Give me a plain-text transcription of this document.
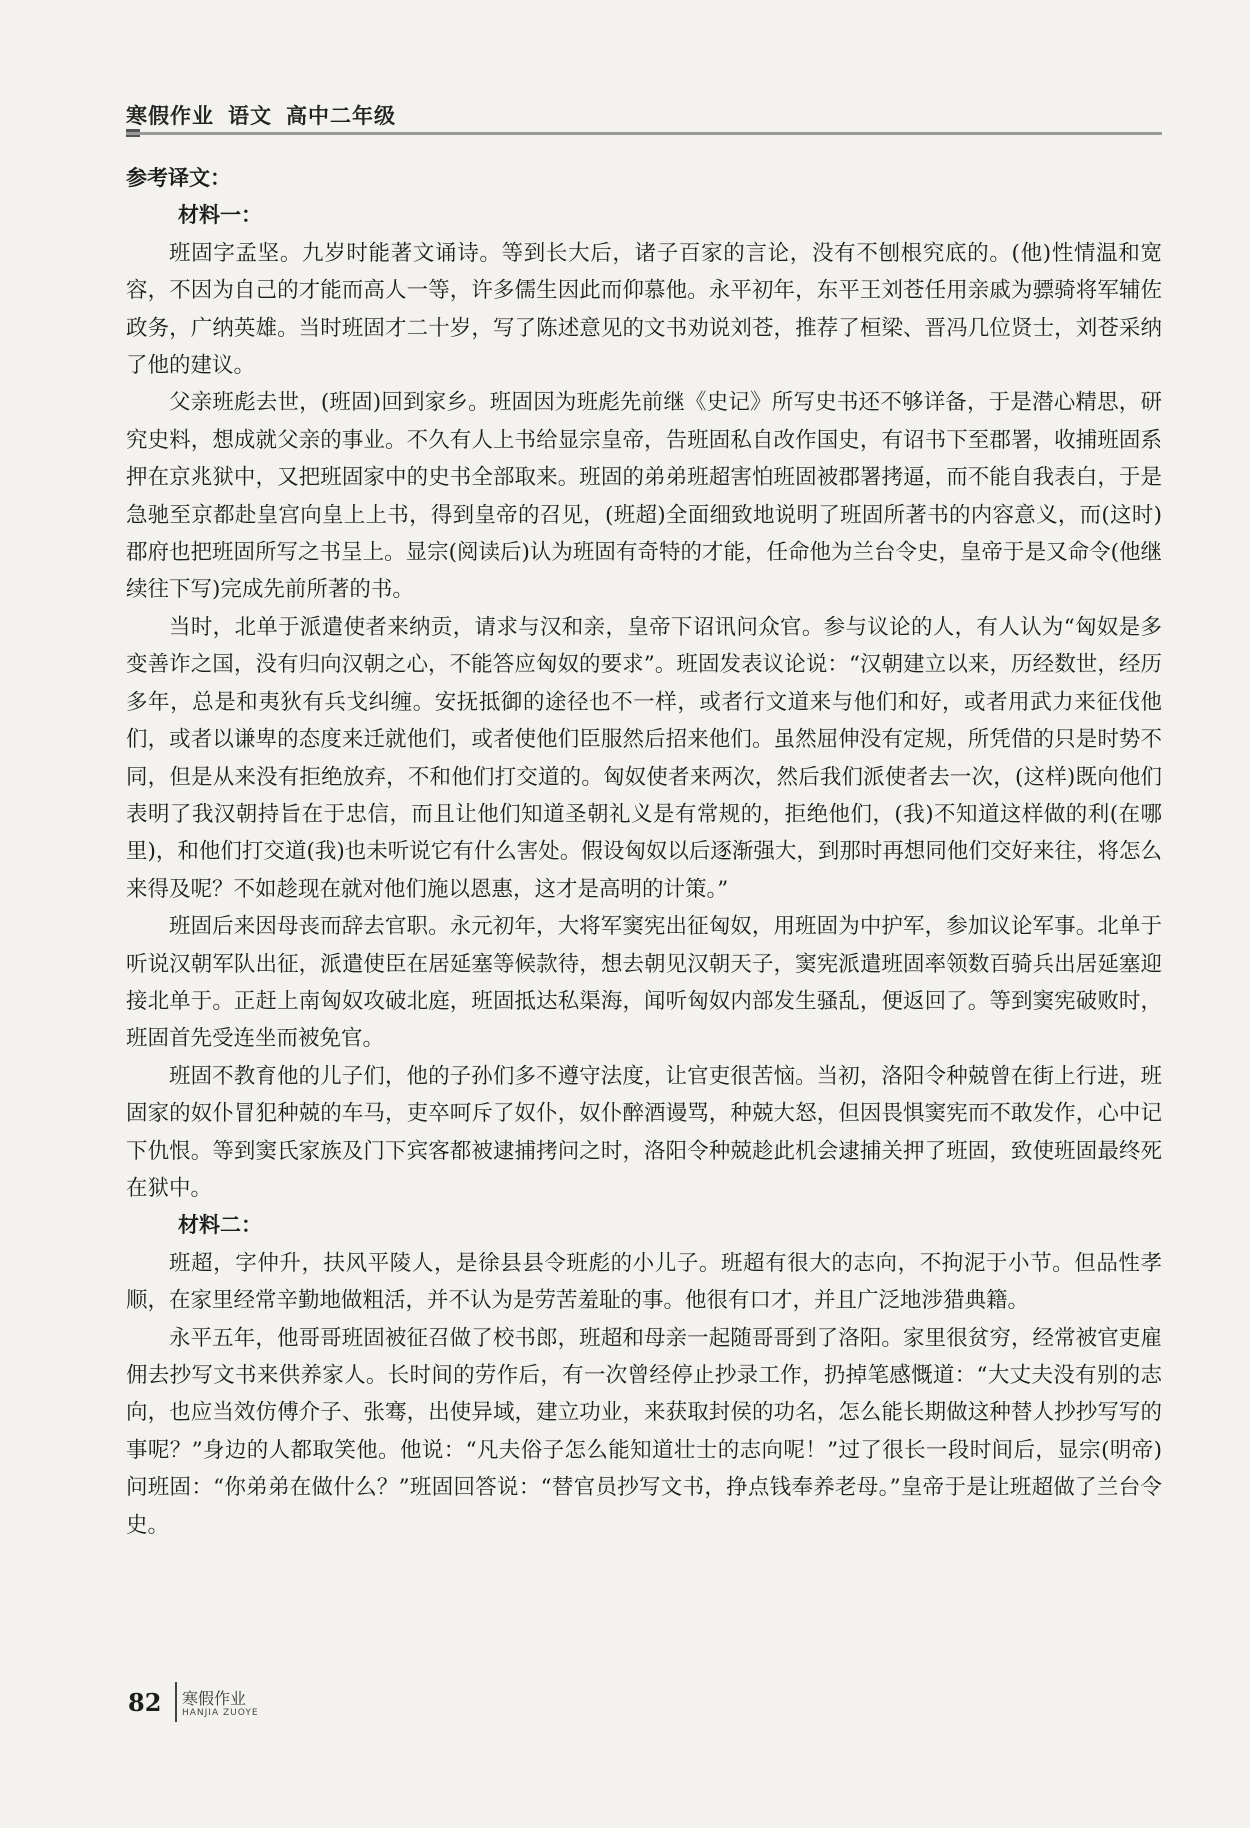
寒假作业 语文 高中二年级
参考译文：
材料一：

班固字孟坚。九岁时能著文诵诗。等到长大后，诸子百家的言论，没有不刨根究底的。(他)性情温和宽容，不因为自己的才能而高人一等，许多儒生因此而仰慕他。永平初年，东平王刘苍任用亲戚为骠骑将军辅佐政务，广纳英雄。当时班固才二十岁，写了陈述意见的文书劝说刘苍，推荐了桓梁、晋冯几位贤士，刘苍采纳了他的建议。

父亲班彪去世，(班固)回到家乡。班固因为班彪先前继《史记》所写史书还不够详备，于是潜心精思，研究史料，想成就父亲的事业。不久有人上书给显宗皇帝，告班固私自改作国史，有诏书下至郡署，收捕班固系押在京兆狱中，又把班固家中的史书全部取来。班固的弟弟班超害怕班固被郡署拷逼，而不能自我表白，于是急驰至京都赴皇宫向皇上上书，得到皇帝的召见，(班超)全面细致地说明了班固所著书的内容意义，而(这时)郡府也把班固所写之书呈上。显宗(阅读后)认为班固有奇特的才能，任命他为兰台令史，皇帝于是又命令(他继续往下写)完成先前所著的书。

当时，北单于派遣使者来纳贡，请求与汉和亲，皇帝下诏讯问众官。参与议论的人，有人认为“匈奴是多变善诈之国，没有归向汉朝之心，不能答应匈奴的要求”。班固发表议论说：“汉朝建立以来，历经数世，经历多年，总是和夷狄有兵戈纠缠。安抚抵御的途径也不一样，或者行文道来与他们和好，或者用武力来征伐他们，或者以谦卑的态度来迁就他们，或者使他们臣服然后招来他们。虽然屈伸没有定规，所凭借的只是时势不同，但是从来没有拒绝放弃，不和他们打交道的。匈奴使者来两次，然后我们派使者去一次，(这样)既向他们表明了我汉朝持旨在于忠信，而且让他们知道圣朝礼义是有常规的，拒绝他们，(我)不知道这样做的利(在哪里)，和他们打交道(我)也未听说它有什么害处。假设匈奴以后逐渐强大，到那时再想同他们交好来往，将怎么来得及呢？不如趁现在就对他们施以恩惠，这才是高明的计策。”

班固后来因母丧而辞去官职。永元初年，大将军窦宪出征匈奴，用班固为中护军，参加议论军事。北单于听说汉朝军队出征，派遣使臣在居延塞等候款待，想去朝见汉朝天子，窦宪派遣班固率领数百骑兵出居延塞迎接北单于。正赶上南匈奴攻破北庭，班固抵达私渠海，闻听匈奴内部发生骚乱，便返回了。等到窦宪破败时，班固首先受连坐而被免官。

班固不教育他的儿子们，他的子孙们多不遵守法度，让官吏很苦恼。当初，洛阳令种兢曾在街上行进，班固家的奴仆冒犯种兢的车马，吏卒呵斥了奴仆，奴仆醉酒谩骂，种兢大怒，但因畏惧窦宪而不敢发作，心中记下仇恨。等到窦氏家族及门下宾客都被逮捕拷问之时，洛阳令种兢趁此机会逮捕关押了班固，致使班固最终死在狱中。

材料二：

班超，字仲升，扶风平陵人，是徐县县令班彪的小儿子。班超有很大的志向，不拘泥于小节。但品性孝顺，在家里经常辛勤地做粗活，并不认为是劳苦羞耻的事。他很有口才，并且广泛地涉猎典籍。

永平五年，他哥哥班固被征召做了校书郎，班超和母亲一起随哥哥到了洛阳。家里很贫穷，经常被官吏雇佣去抄写文书来供养家人。长时间的劳作后，有一次曾经停止抄录工作，扔掉笔感慨道：“大丈夫没有别的志向，也应当效仿傅介子、张骞，出使异域，建立功业，来获取封侯的功名，怎么能长期做这种替人抄抄写写的事呢？”身边的人都取笑他。他说：“凡夫俗子怎么能知道壮士的志向呢！”过了很长一段时间后，显宗(明帝)问班固：“你弟弟在做什么？”班固回答说：“替官员抄写文书，挣点钱奉养老母。”皇帝于是让班超做了兰台令史。

82 寒假作业
HANJIA ZUOYE
